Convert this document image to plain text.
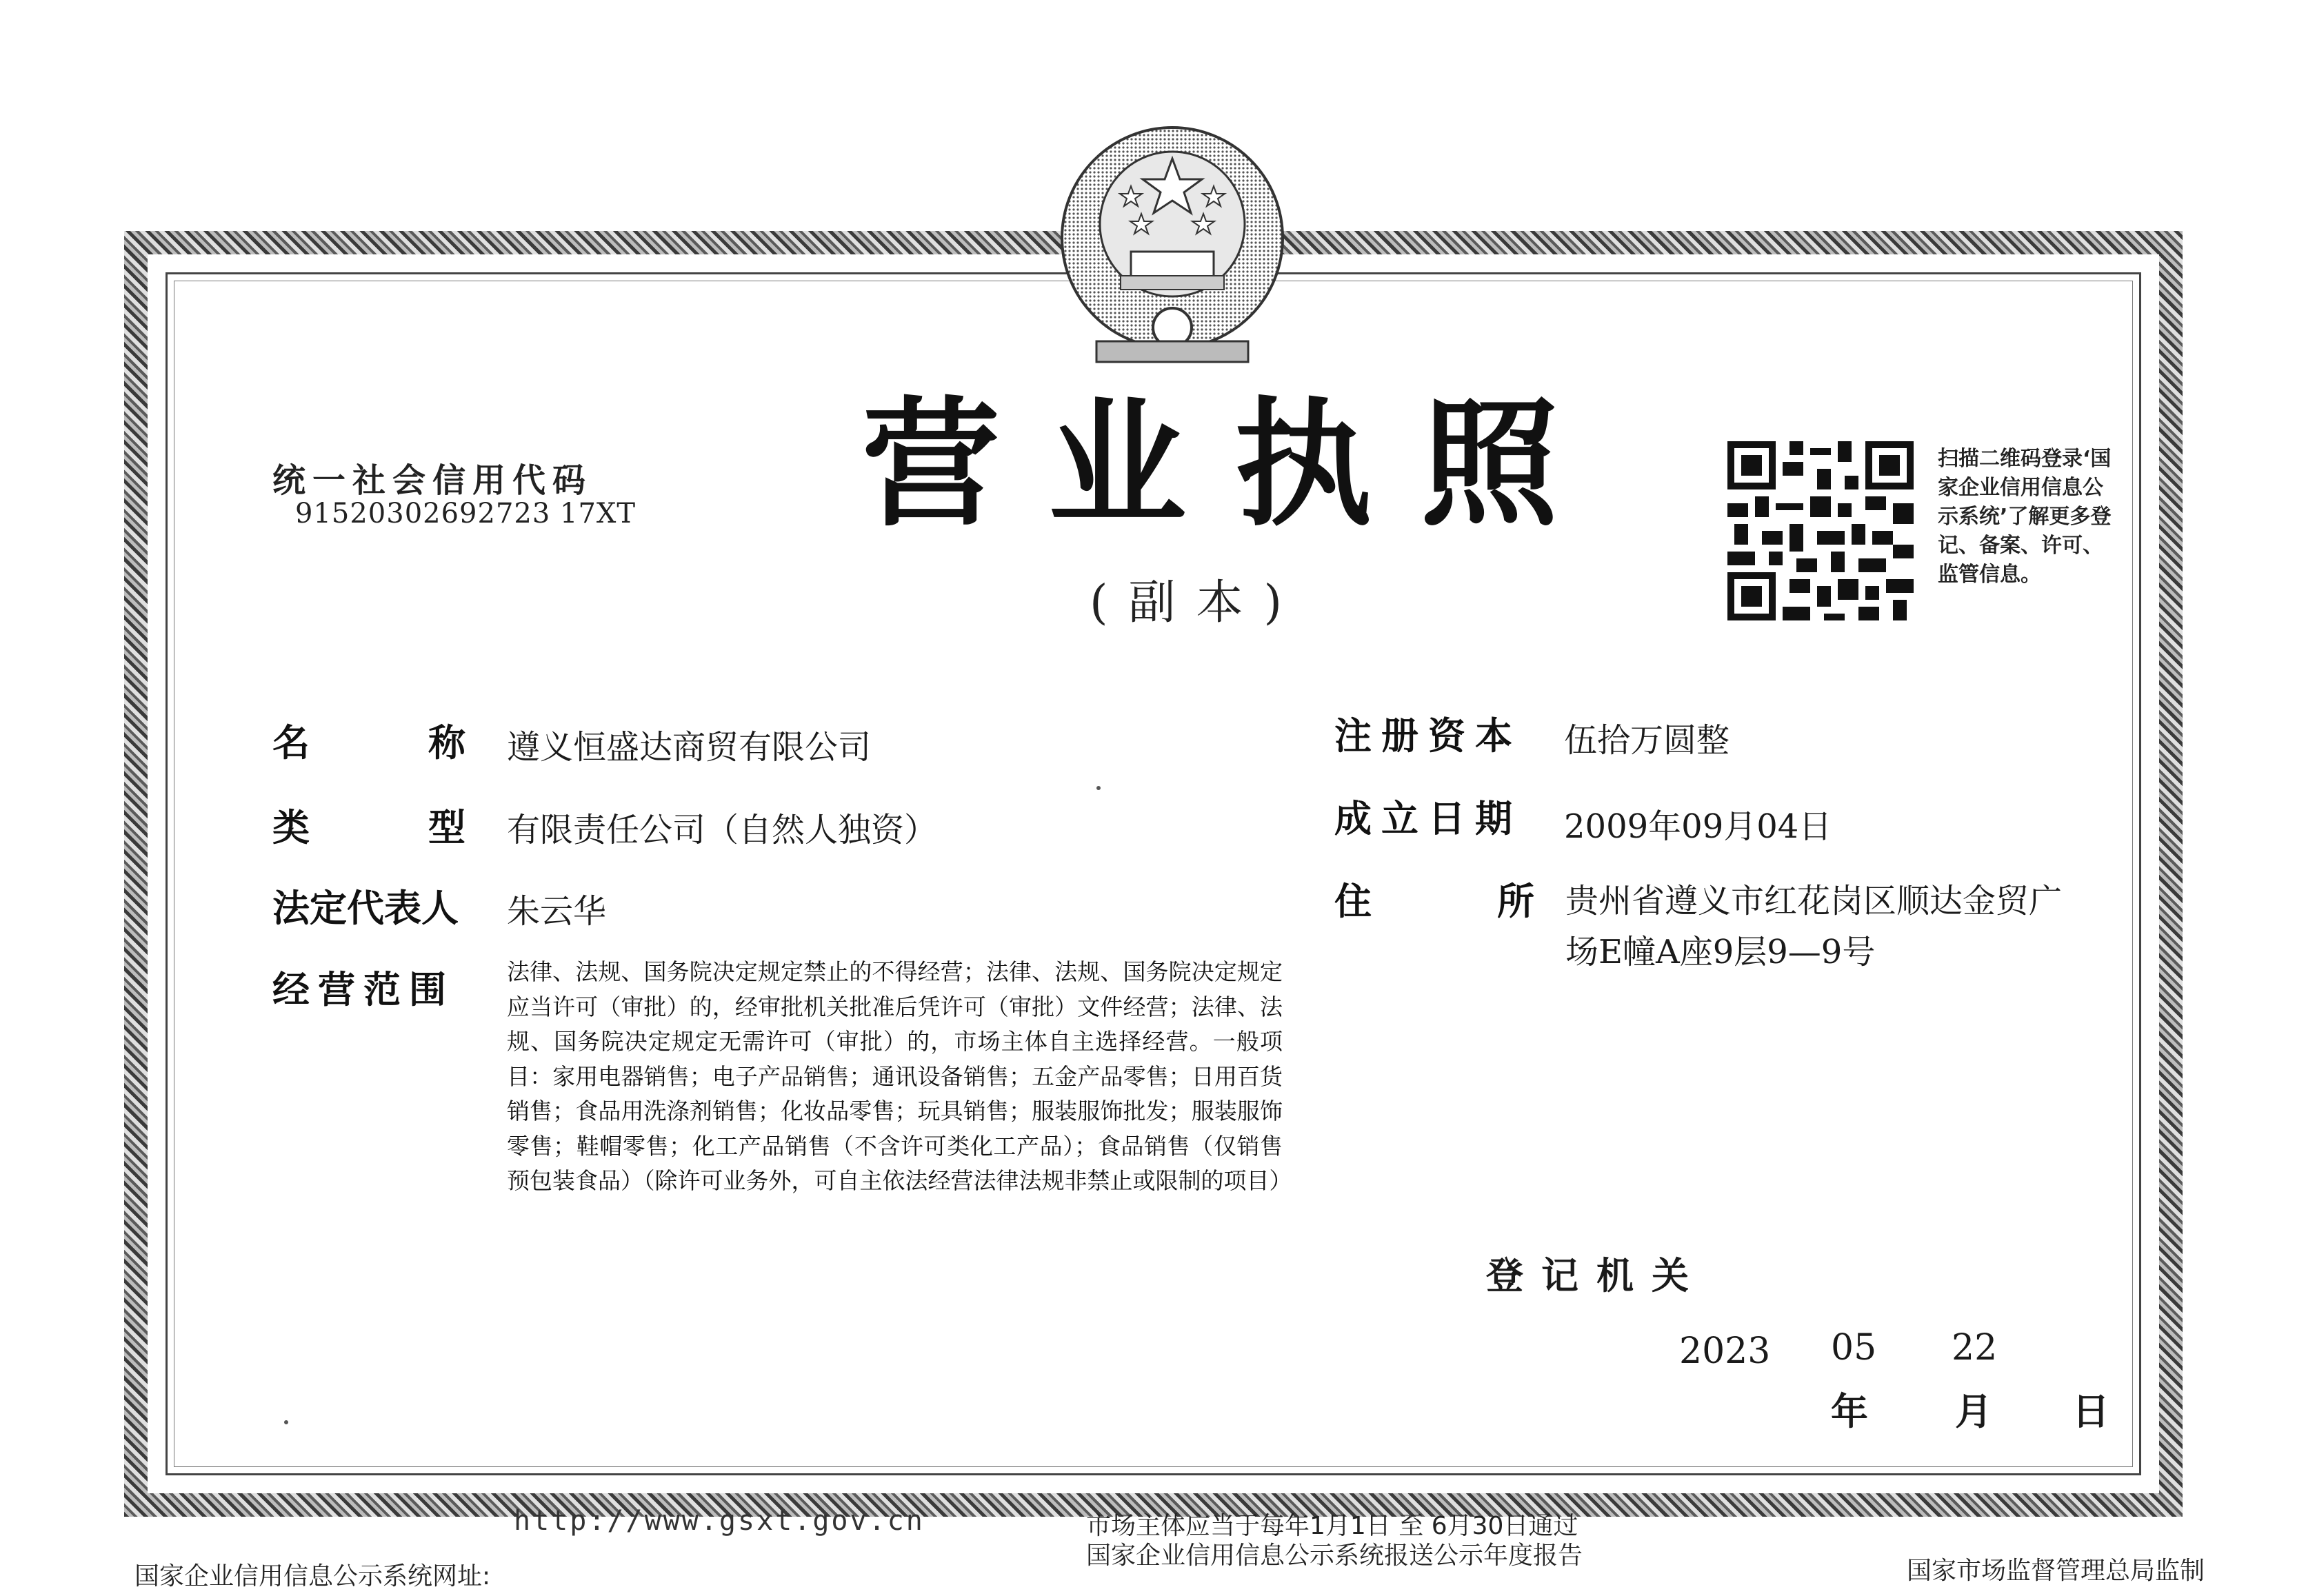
统一社会信用代码
91520302692723 17XT 营业执照
(副本)
扫描二维码登录‘国家企业信用信息公示系统’了解更多登记、备案、许可、监管信息。
名	称 遵义恒盛达商贸有限公司
类	型 有限责任公司（自然人独资）
法定代表人 朱云华
经营范围 法律、法规、国务院决定规定禁止的不得经营；法律、法规、国务院决定规定应当许可（审批）的，经审批机关批准后凭许可（审批）文件经营；法律、法规、国务院决定规定无需许可（审批）的，市场主体自主选择经营。一般项目：家用电器销售；电子产品销售；通讯设备销售；五金产品零售；日用百货销售；食品用洗涤剂销售；化妆品零售；玩具销售；服装服饰批发；服装服饰零售；鞋帽零售；化工产品销售（不含许可类化工产品）；食品销售（仅销售预包装食品）（除许可业务外，可自主依法经营法律法规非禁止或限制的项目）
注册资本 伍拾万圆整
成立日期 2009年09月04日
住	所 贵州省遵义市红花岗区顺达金贸广场E幢A座9层9—9号
登记机关
2023 05 22
年 月 日
http://www.gsxt.gov.cn	市场主体应当于每年1月1日 至 6月30日通过
国家企业信用信息公示系统报送公示年度报告
国家企业信用信息公示系统网址:	国家市场监督管理总局监制
